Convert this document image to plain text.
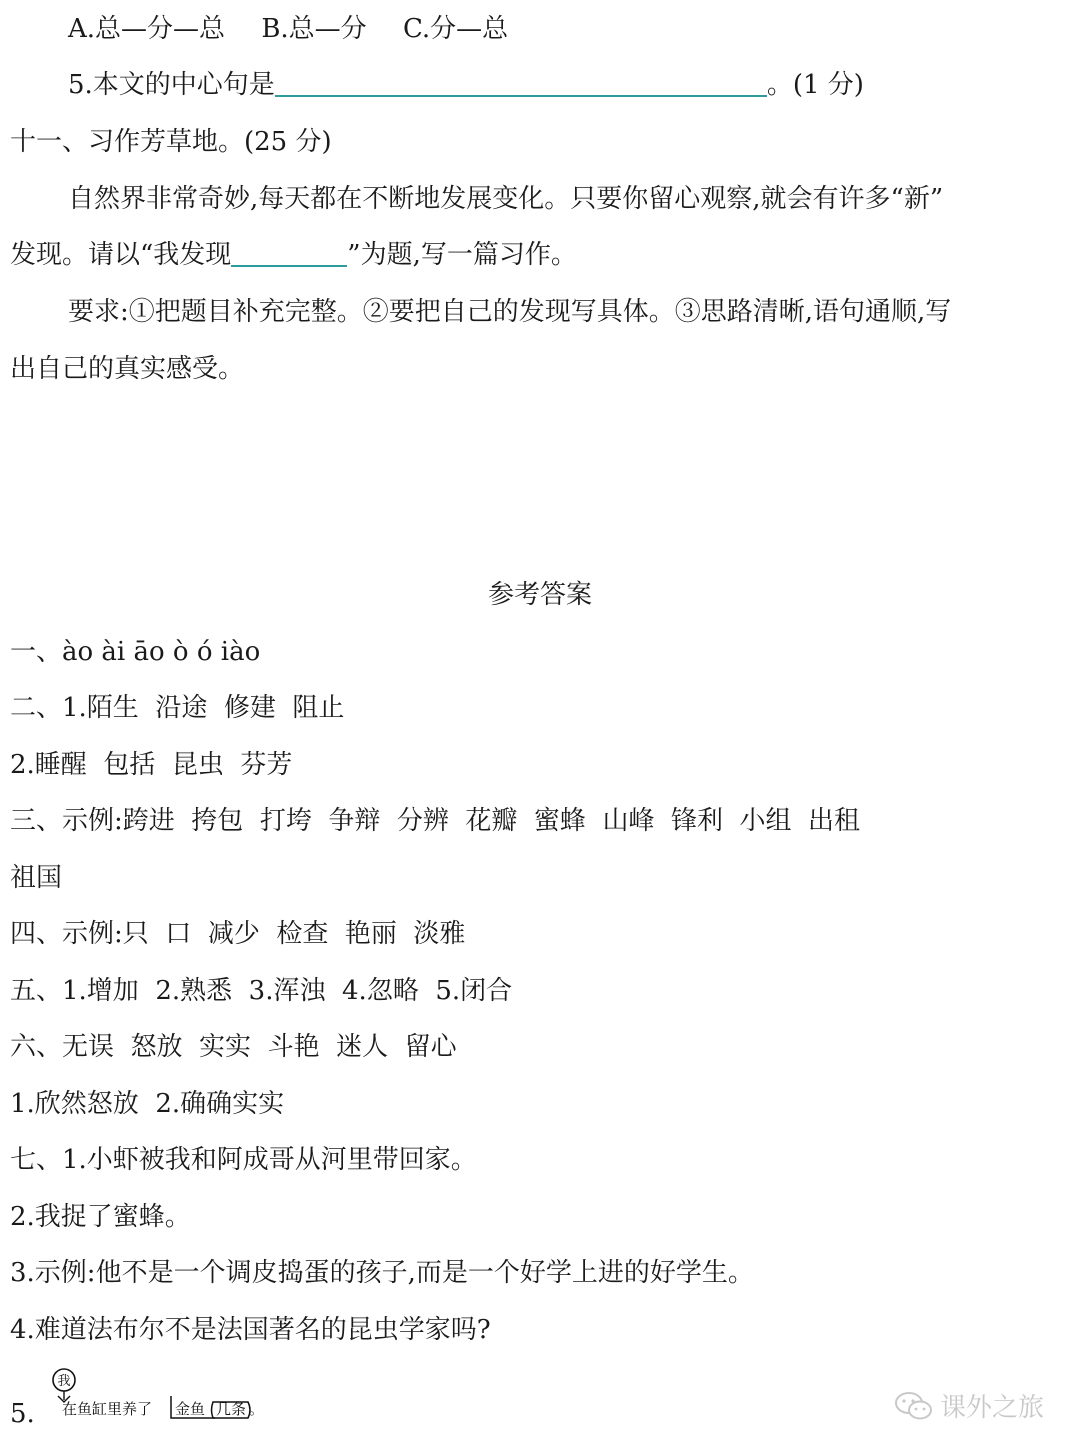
A.总—分—总 B.总—分 C.分—总
5.本文的中心句是	。(1 分)
十一、习作芳草地。(25 分)
自然界非常奇妙,每天都在不断地发展变化。只要你留心观察,就会有许多“新”
发现。请以“我发现	”为题,写一篇习作。
要求:①把题目补充完整。②要把自己的发现写具体。③思路清晰,语句通顺,写
出自己的真实感受。
参考答案
一、ào ài āo ò ó iào
二、1.陌生  沿途  修建  阻止
2.睡醒  包括  昆虫  芬芳
三、示例:跨进  挎包  打垮  争辩  分辨  花瓣  蜜蜂  山峰  锋利  小组  出租
祖国
四、示例:只  口  减少  检查  艳丽  淡雅
五、1.增加  2.熟悉  3.浑浊  4.忽略  5.闭合
六、无误  怒放  实实  斗艳  迷人  留心
1.欣然怒放  2.确确实实
七、1.小虾被我和阿成哥从河里带回家。
2.我捉了蜜蜂。
3.示例:他不是一个调皮捣蛋的孩子,而是一个好学上进的好学生。
4.难道法布尔不是法国著名的昆虫学家吗?
5.
我
在鱼缸里养了 金鱼 几条 。	课外之旅
